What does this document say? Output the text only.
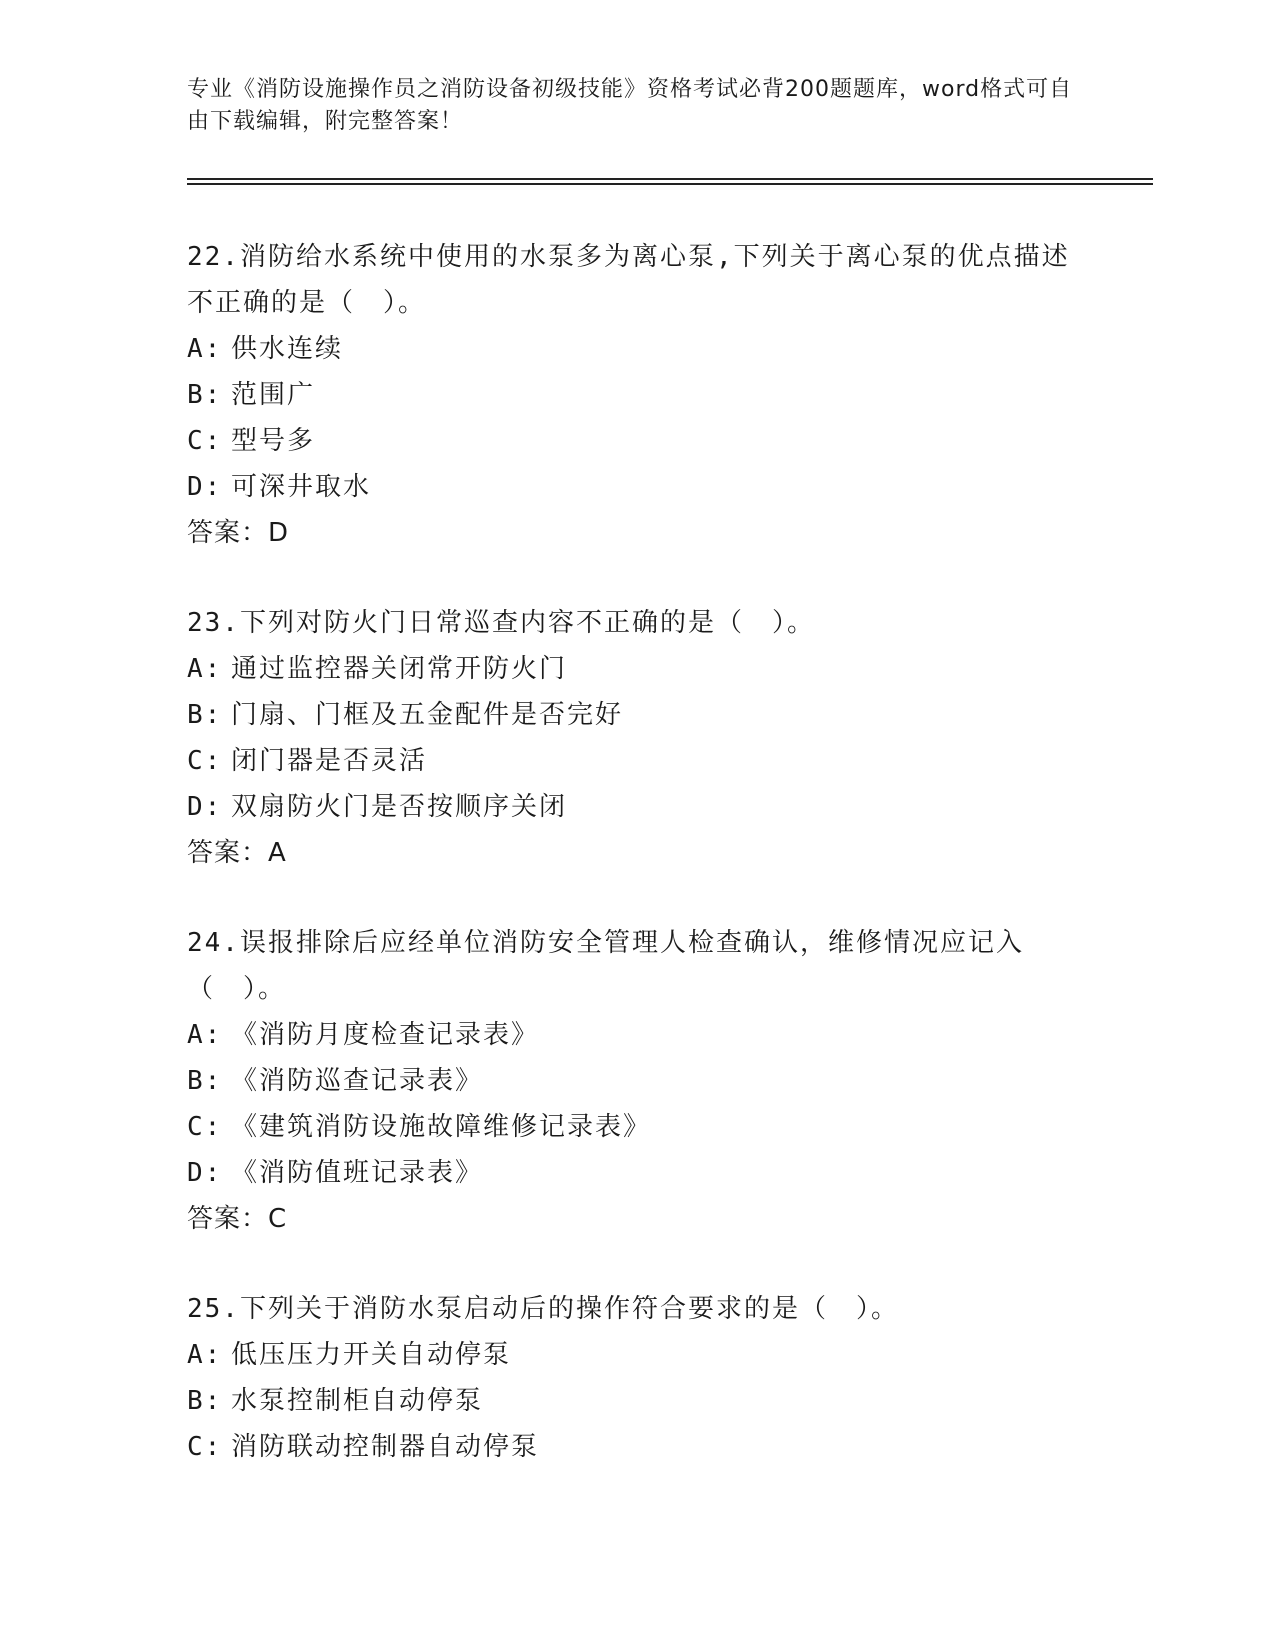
专业《消防设施操作员之消防设备初级技能》资格考试必背200题题库，word格式可自由下载编辑，附完整答案！

22.消防给水系统中使用的水泵多为离心泵,下列关于离心泵的优点描述不正确的是（　）。

A: 供水连续
B: 范围广
C: 型号多
D: 可深井取水
答案：D

23.下列对防火门日常巡查内容不正确的是（　）。

A: 通过监控器关闭常开防火门
B: 门扇、门框及五金配件是否完好
C: 闭门器是否灵活
D: 双扇防火门是否按顺序关闭
答案：A

24.误报排除后应经单位消防安全管理人检查确认，维修情况应记入（　）。

A: 《消防月度检查记录表》
B: 《消防巡查记录表》
C: 《建筑消防设施故障维修记录表》
D: 《消防值班记录表》
答案：C

25.下列关于消防水泵启动后的操作符合要求的是（　）。

A: 低压压力开关自动停泵
B: 水泵控制柜自动停泵
C: 消防联动控制器自动停泵
